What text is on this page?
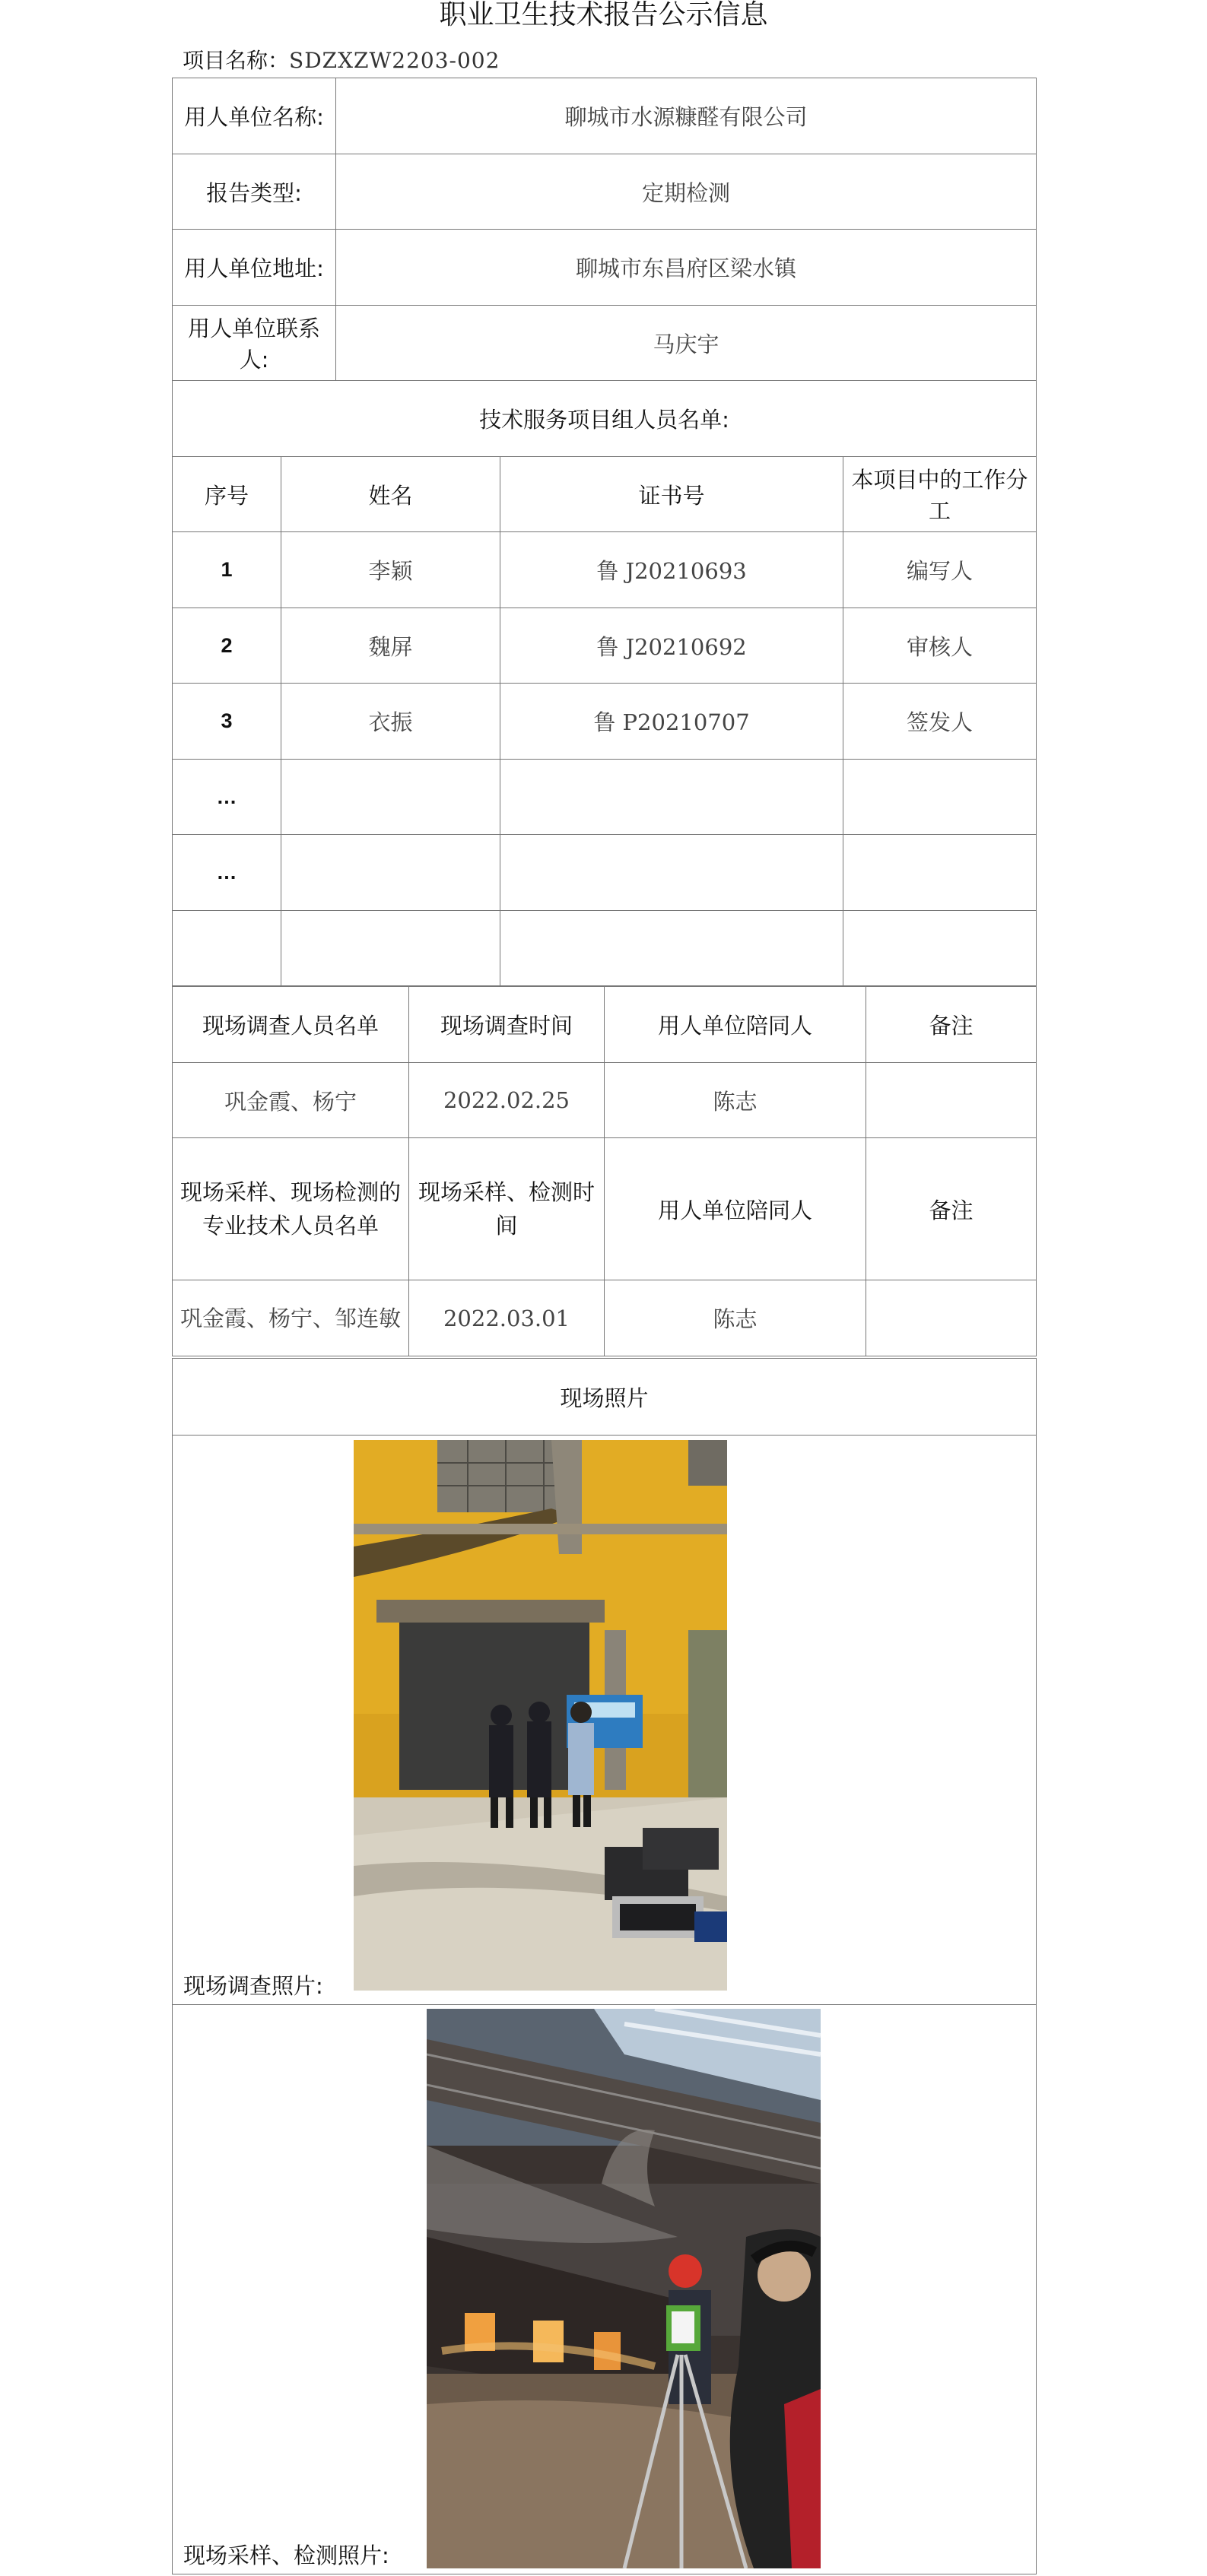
职业卫生技术报告公示信息
项目名称：SDZXZW2203-002
用人单位名称:		聊城市水源糠醛有限公司		
报告类型:		定期检测		
用人单位地址:		聊城市东昌府区梁水镇		
用人单位联系人:		马庆宇		
技术服务项目组人员名单:				
序号	姓名		证书号	本项目中的工作分工
1	李颖		鲁 J20210693	编写人
2	魏屏		鲁 J20210692	审核人
3	衣振		鲁 P20210707	签发人
…				
…				

现场调查人员名单	现场调查时间	用人单位陪同人	备注
巩金霞、杨宁	2022.02.25	陈志	
现场采样、现场检测的专业技术人员名单	现场采样、检测时间	用人单位陪同人	备注
巩金霞、杨宁、邹连敏	2022.03.01	陈志	
现场照片

现场调查照片:

现场采样、检测照片:
